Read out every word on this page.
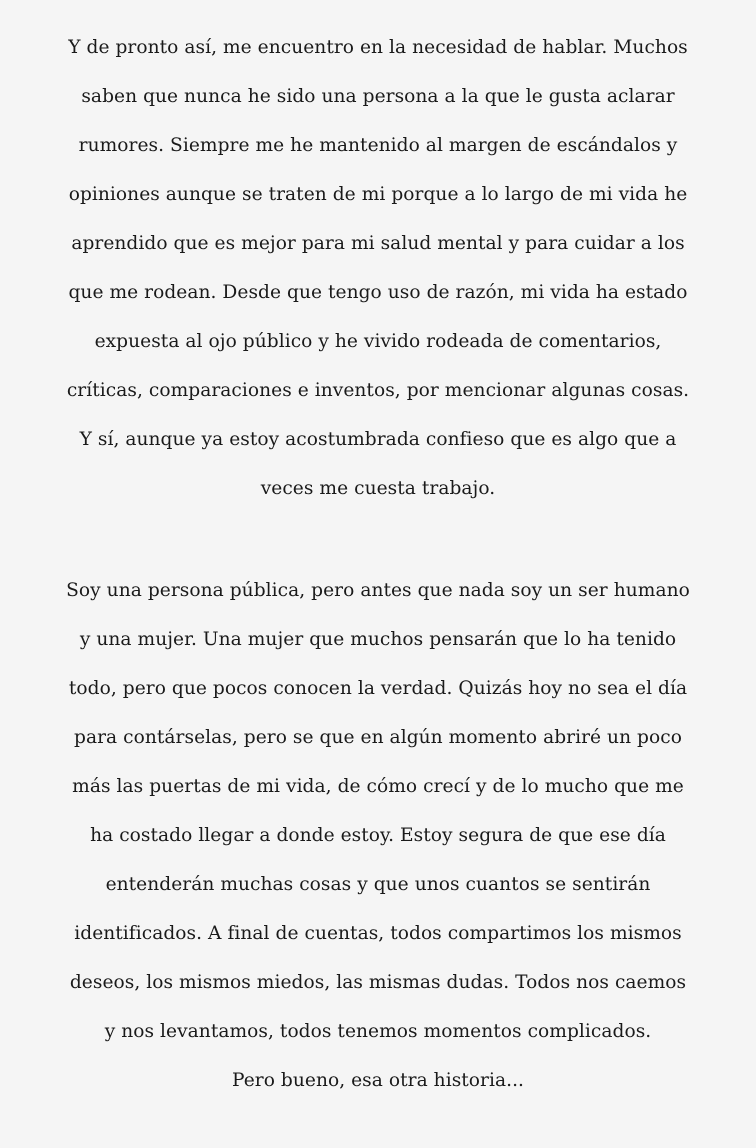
Y de pronto así, me encuentro en la necesidad de hablar. Muchos
saben que nunca he sido una persona a la que le gusta aclarar
rumores. Siempre me he mantenido al margen de escándalos y
opiniones aunque se traten de mi porque a lo largo de mi vida he
aprendido que es mejor para mi salud mental y para cuidar a los
que me rodean. Desde que tengo uso de razón, mi vida ha estado
expuesta al ojo público y he vivido rodeada de comentarios,
críticas, comparaciones e inventos, por mencionar algunas cosas.
Y sí, aunque ya estoy acostumbrada confieso que es algo que a
veces me cuesta trabajo.

Soy una persona pública, pero antes que nada soy un ser humano
y una mujer. Una mujer que muchos pensarán que lo ha tenido
todo, pero que pocos conocen la verdad. Quizás hoy no sea el día
para contárselas, pero se que en algún momento abriré un poco
más las puertas de mi vida, de cómo crecí y de lo mucho que me
ha costado llegar a donde estoy. Estoy segura de que ese día
entenderán muchas cosas y que unos cuantos se sentirán
identificados. A final de cuentas, todos compartimos los mismos
deseos, los mismos miedos, las mismas dudas. Todos nos caemos
y nos levantamos, todos tenemos momentos complicados.
Pero bueno, esa otra historia...
